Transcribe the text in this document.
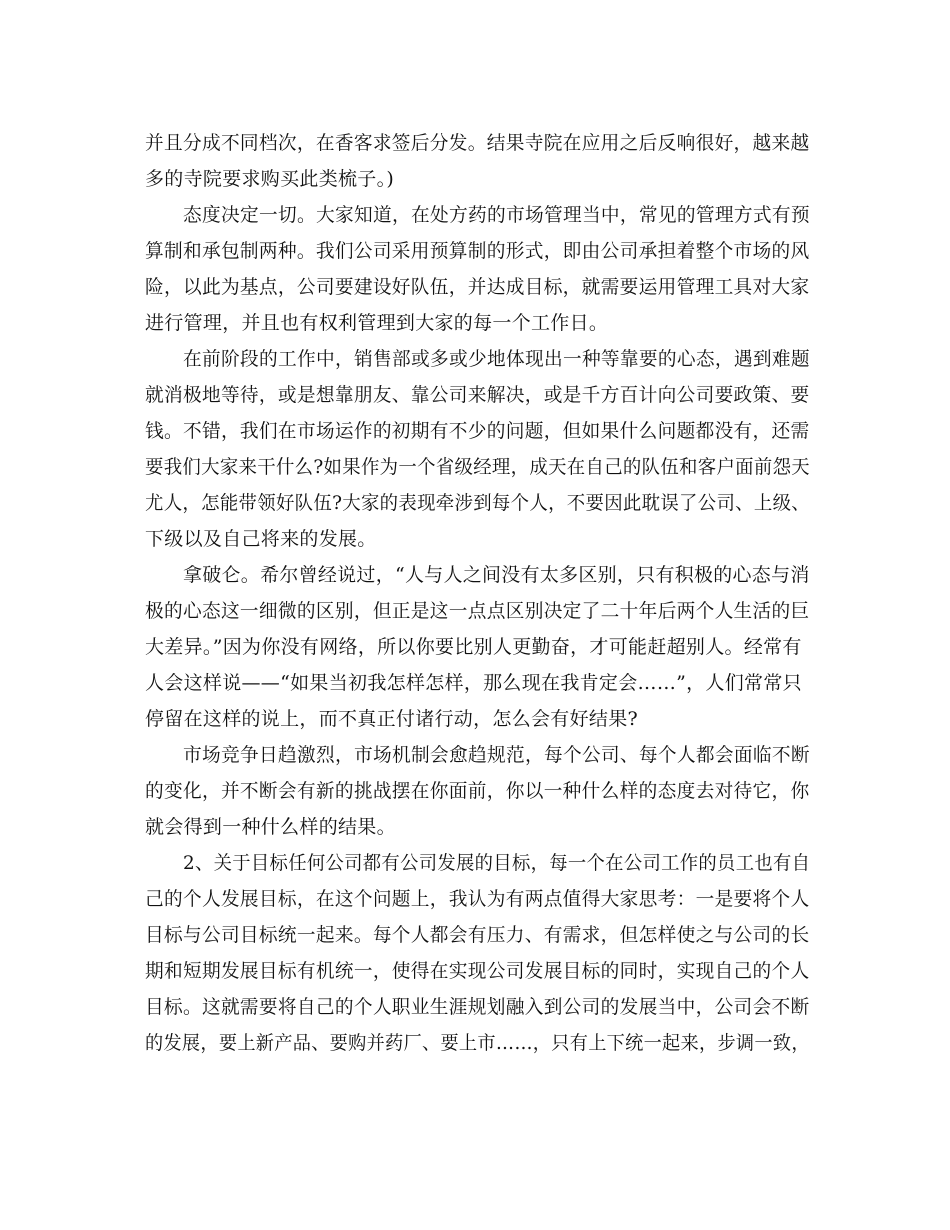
并且分成不同档次，在香客求签后分发。结果寺院在应用之后反响很好，越来越
多的寺院要求购买此类梳子。)
态度决定一切。大家知道，在处方药的市场管理当中，常见的管理方式有预
算制和承包制两种。我们公司采用预算制的形式，即由公司承担着整个市场的风
险，以此为基点，公司要建设好队伍，并达成目标，就需要运用管理工具对大家
进行管理，并且也有权利管理到大家的每一个工作日。
在前阶段的工作中，销售部或多或少地体现出一种等靠要的心态，遇到难题
就消极地等待，或是想靠朋友、靠公司来解决，或是千方百计向公司要政策、要
钱。不错，我们在市场运作的初期有不少的问题，但如果什么问题都没有，还需
要我们大家来干什么?如果作为一个省级经理，成天在自己的队伍和客户面前怨天
尤人，怎能带领好队伍?大家的表现牵涉到每个人，不要因此耽误了公司、上级、
下级以及自己将来的发展。
拿破仑。希尔曾经说过，“人与人之间没有太多区别，只有积极的心态与消
极的心态这一细微的区别，但正是这一点点区别决定了二十年后两个人生活的巨
大差异。”因为你没有网络，所以你要比别人更勤奋，才可能赶超别人。经常有
人会这样说——“如果当初我怎样怎样，那么现在我肯定会……”，人们常常只
停留在这样的说上，而不真正付诸行动，怎么会有好结果?
市场竞争日趋激烈，市场机制会愈趋规范，每个公司、每个人都会面临不断
的变化，并不断会有新的挑战摆在你面前，你以一种什么样的态度去对待它，你
就会得到一种什么样的结果。
2、关于目标任何公司都有公司发展的目标，每一个在公司工作的员工也有自
己的个人发展目标，在这个问题上，我认为有两点值得大家思考：一是要将个人
目标与公司目标统一起来。每个人都会有压力、有需求，但怎样使之与公司的长
期和短期发展目标有机统一，使得在实现公司发展目标的同时，实现自己的个人
目标。这就需要将自己的个人职业生涯规划融入到公司的发展当中，公司会不断
的发展，要上新产品、要购并药厂、要上市……，只有上下统一起来，步调一致，
